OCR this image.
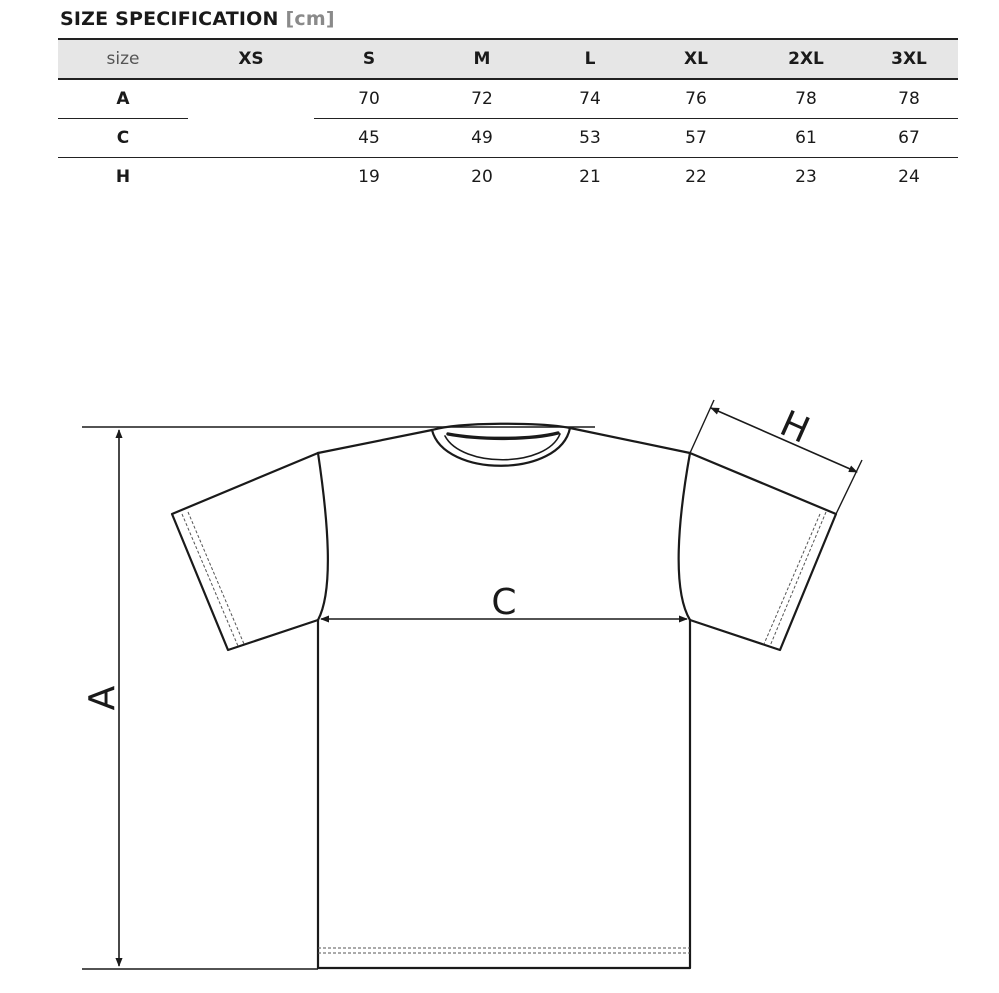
SIZE SPECIFICATION [cm]
size	XS	S	M	L	XL	2XL	3XL
A		70	72	74	76	78	78
C		45	49	53	57	61	67
H		19	20	21	22	23	24
A
C
H
